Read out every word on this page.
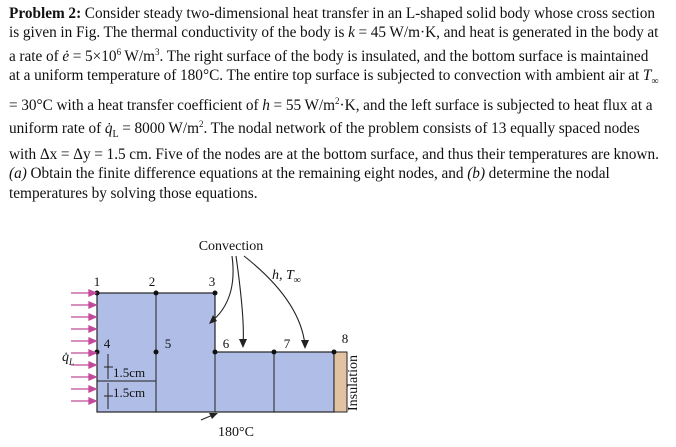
Problem 2: Consider steady two-dimensional heat transfer in an L-shaped solid body whose cross section is given in Fig. The thermal conductivity of the body is k = 45 W/m·K, and heat is generated in the body at a rate of ė = $5\times 10^6$ $W/m^3$. The right surface of the body is insulated, and the bottom surface is maintained at a uniform temperature of 180°C. The entire top surface is subjected to convection with ambient air at $T_\infty = 30^\circ C$ with a heat transfer coefficient of h = 55 $W/m^2\cdot K$, and the left surface is subjected to heat flux at a uniform rate of $q̇_L = 8000$ $W/m^2$. The nodal network of the problem consists of 13 equally spaced nodes with Δx = Δy = 1.5 cm. Five of the nodes are at the bottom surface, and thus their temperatures are known. (a) Obtain the finite difference equations at the remaining eight nodes, and (b) determine the nodal temperatures by solving those equations.

Insulation
1	2	3
4	5	6	7	8
Convection
h, $T_\infty$
$q̇_L$
1.5cm
1.5cm
180°C
